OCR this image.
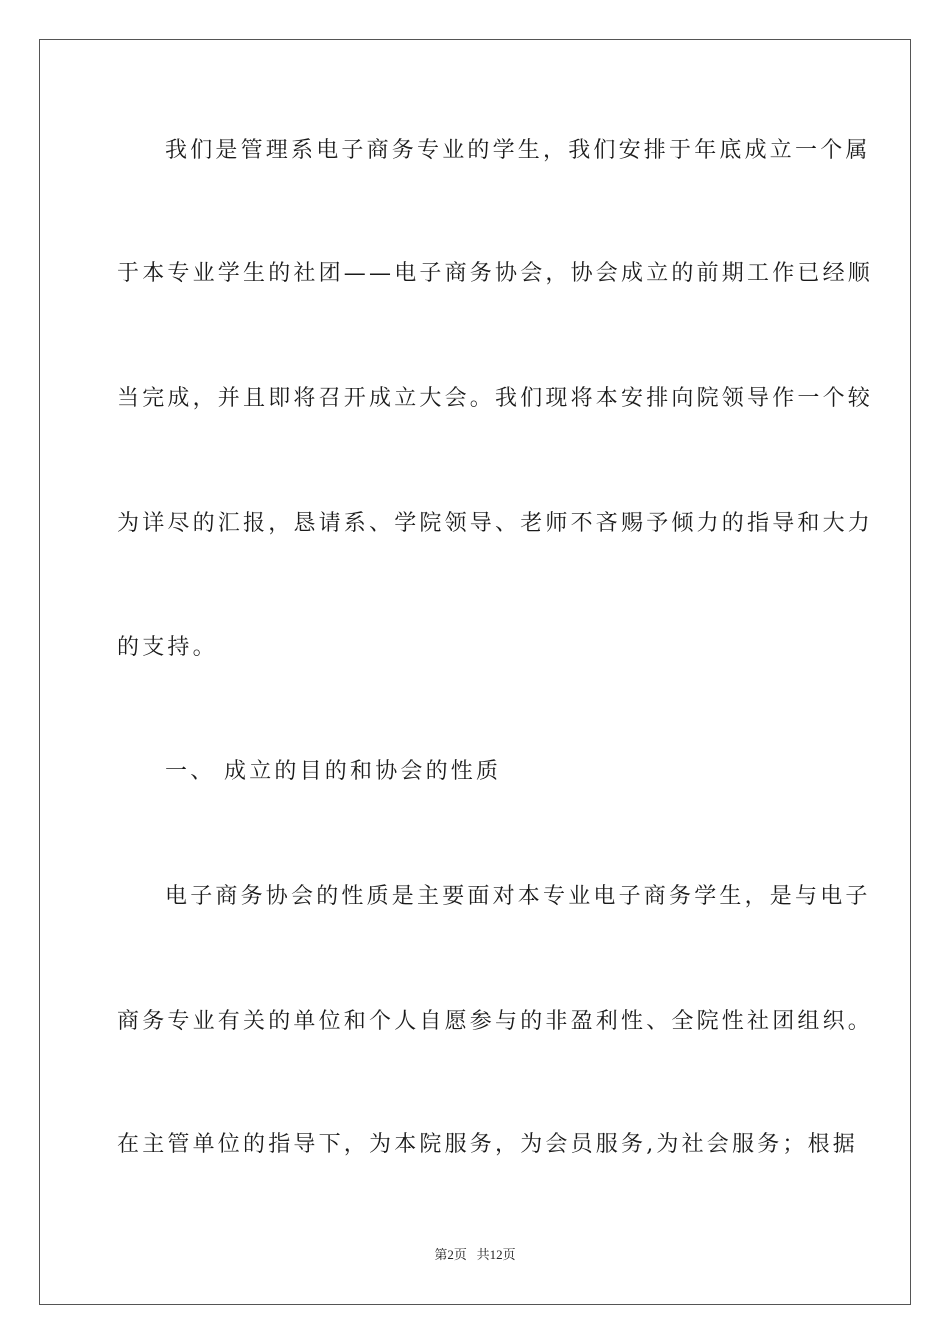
我们是管理系电子商务专业的学生，我们安排于年底成立一个属
于本专业学生的社团——电子商务协会，协会成立的前期工作已经顺
当完成，并且即将召开成立大会。我们现将本安排向院领导作一个较
为详尽的汇报，恳请系、学院领导、老师不吝赐予倾力的指导和大力
的支持。
一、 成立的目的和协会的性质
电子商务协会的性质是主要面对本专业电子商务学生，是与电子
商务专业有关的单位和个人自愿参与的非盈利性、全院性社团组织。
在主管单位的指导下，为本院服务，为会员服务,为社会服务；根据
第2页 共12页
